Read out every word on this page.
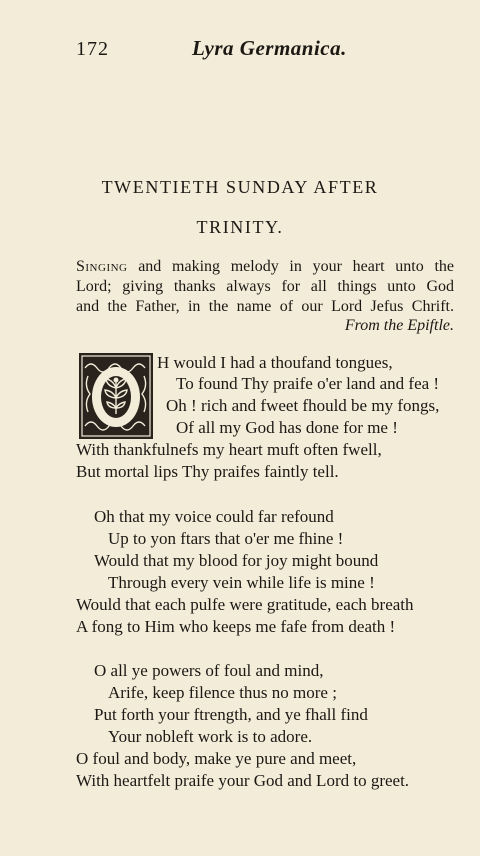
172	Lyra Germanica.
TWENTIETH SUNDAY AFTER
TRINITY.
Singing and making melody in your heart unto the
Lord; giving thanks always for all things unto God
and the Father, in the name of our Lord Jefus Chrift.
From the Epiftle.
H would I had a thoufand tongues,
To found Thy praife o'er land and fea !
Oh ! rich and fweet fhould be my fongs,
Of all my God has done for me !
With thankfulnefs my heart muft often fwell,
But mortal lips Thy praifes faintly tell.
Oh that my voice could far refound
Up to yon ftars that o'er me fhine !
Would that my blood for joy might bound
Through every vein while life is mine !
Would that each pulfe were gratitude, each breath
A fong to Him who keeps me fafe from death !
O all ye powers of foul and mind,
Arife, keep filence thus no more ;
Put forth your ftrength, and ye fhall find
Your nobleft work is to adore.
O foul and body, make ye pure and meet,
With heartfelt praife your God and Lord to greet.
